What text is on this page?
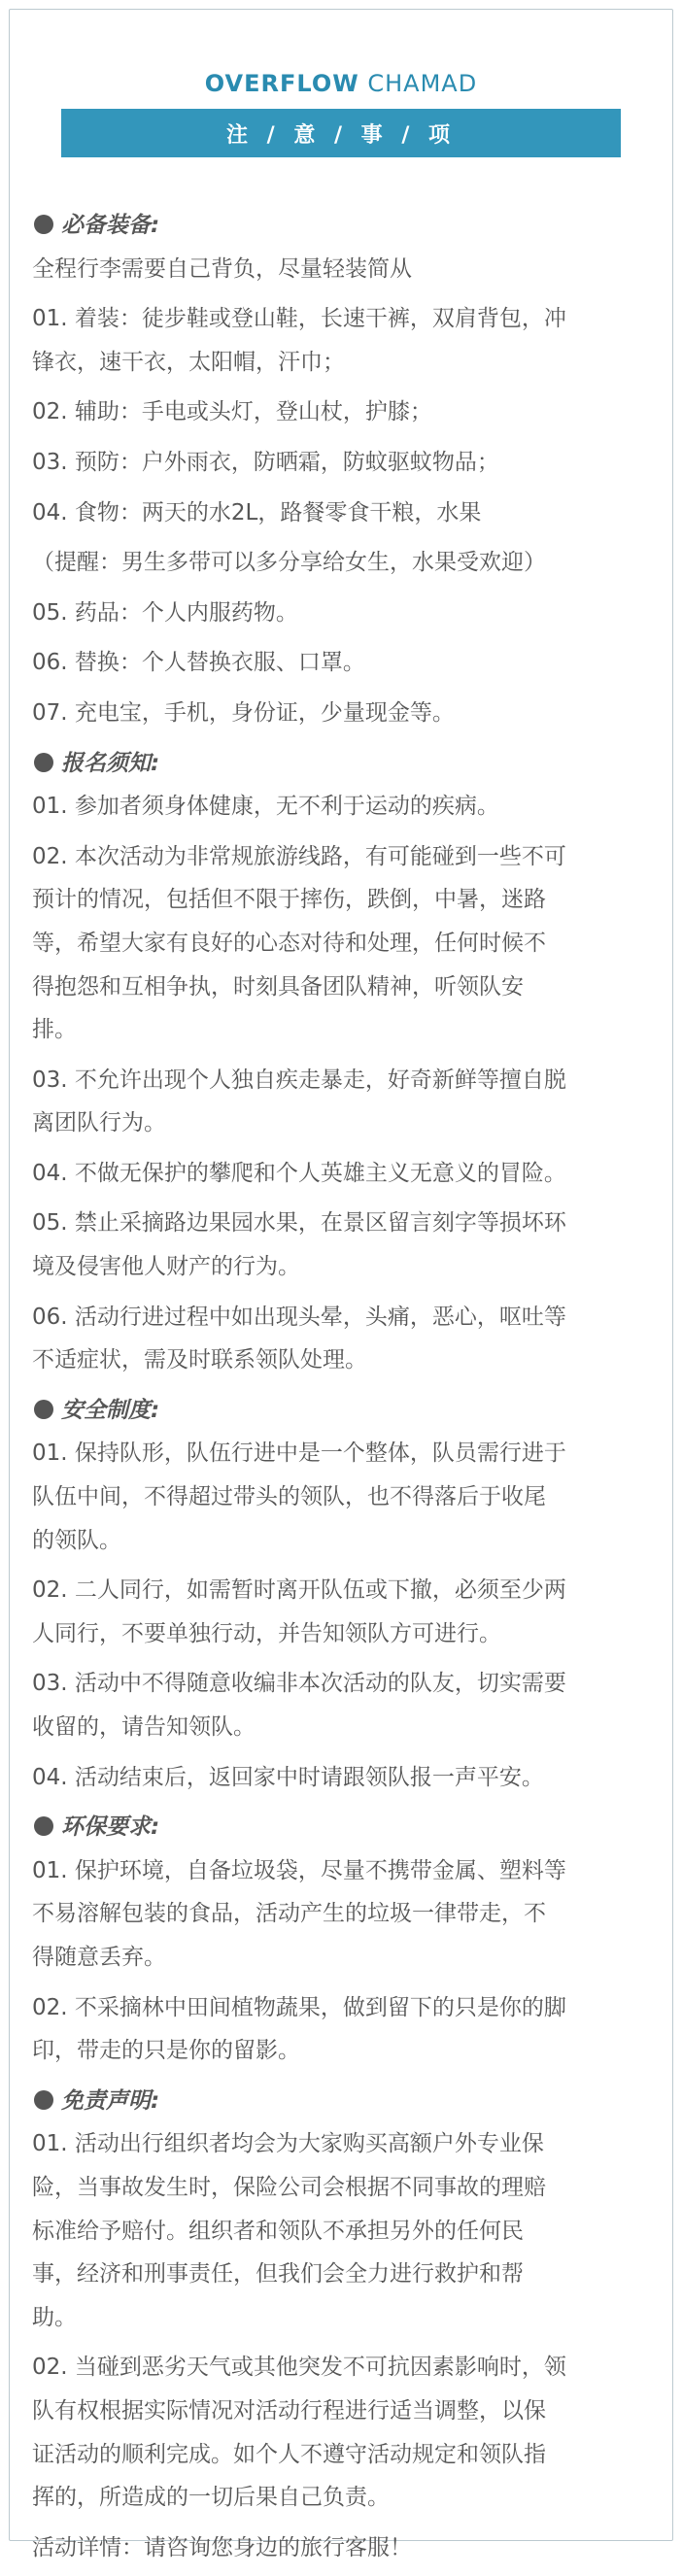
OVERFLOW CHAMAD
注 / 意 / 事 / 项
必备装备:
全程行李需要自己背负，尽量轻装简从
01. 着装：徒步鞋或登山鞋，长速干裤，双肩背包，冲
锋衣，速干衣，太阳帽，汗巾；
02. 辅助：手电或头灯，登山杖，护膝；
03. 预防：户外雨衣，防晒霜，防蚊驱蚊物品；
04. 食物：两天的水2L，路餐零食干粮，水果
（提醒：男生多带可以多分享给女生，水果受欢迎）
05. 药品：个人内服药物。
06. 替换：个人替换衣服、口罩。
07. 充电宝，手机，身份证，少量现金等。
报名须知:
01. 参加者须身体健康，无不利于运动的疾病。
02. 本次活动为非常规旅游线路，有可能碰到一些不可
预计的情况，包括但不限于摔伤，跌倒，中暑，迷路
等，希望大家有良好的心态对待和处理，任何时候不
得抱怨和互相争执，时刻具备团队精神，听领队安
排。
03. 不允许出现个人独自疾走暴走，好奇新鲜等擅自脱
离团队行为。
04. 不做无保护的攀爬和个人英雄主义无意义的冒险。
05. 禁止采摘路边果园水果，在景区留言刻字等损坏环
境及侵害他人财产的行为。
06. 活动行进过程中如出现头晕，头痛，恶心，呕吐等
不适症状，需及时联系领队处理。
安全制度:
01. 保持队形，队伍行进中是一个整体，队员需行进于
队伍中间，不得超过带头的领队，也不得落后于收尾
的领队。
02. 二人同行，如需暂时离开队伍或下撤，必须至少两
人同行，不要单独行动，并告知领队方可进行。
03. 活动中不得随意收编非本次活动的队友，切实需要
收留的，请告知领队。
04. 活动结束后，返回家中时请跟领队报一声平安。
环保要求:
01. 保护环境，自备垃圾袋，尽量不携带金属、塑料等
不易溶解包装的食品，活动产生的垃圾一律带走，不
得随意丢弃。
02. 不采摘林中田间植物蔬果，做到留下的只是你的脚
印，带走的只是你的留影。
免责声明:
01. 活动出行组织者均会为大家购买高额户外专业保
险，当事故发生时，保险公司会根据不同事故的理赔
标准给予赔付。组织者和领队不承担另外的任何民
事，经济和刑事责任，但我们会全力进行救护和帮
助。
02. 当碰到恶劣天气或其他突发不可抗因素影响时，领
队有权根据实际情况对活动行程进行适当调整，以保
证活动的顺利完成。如个人不遵守活动规定和领队指
挥的，所造成的一切后果自己负责。
活动详情：请咨询您身边的旅行客服！
